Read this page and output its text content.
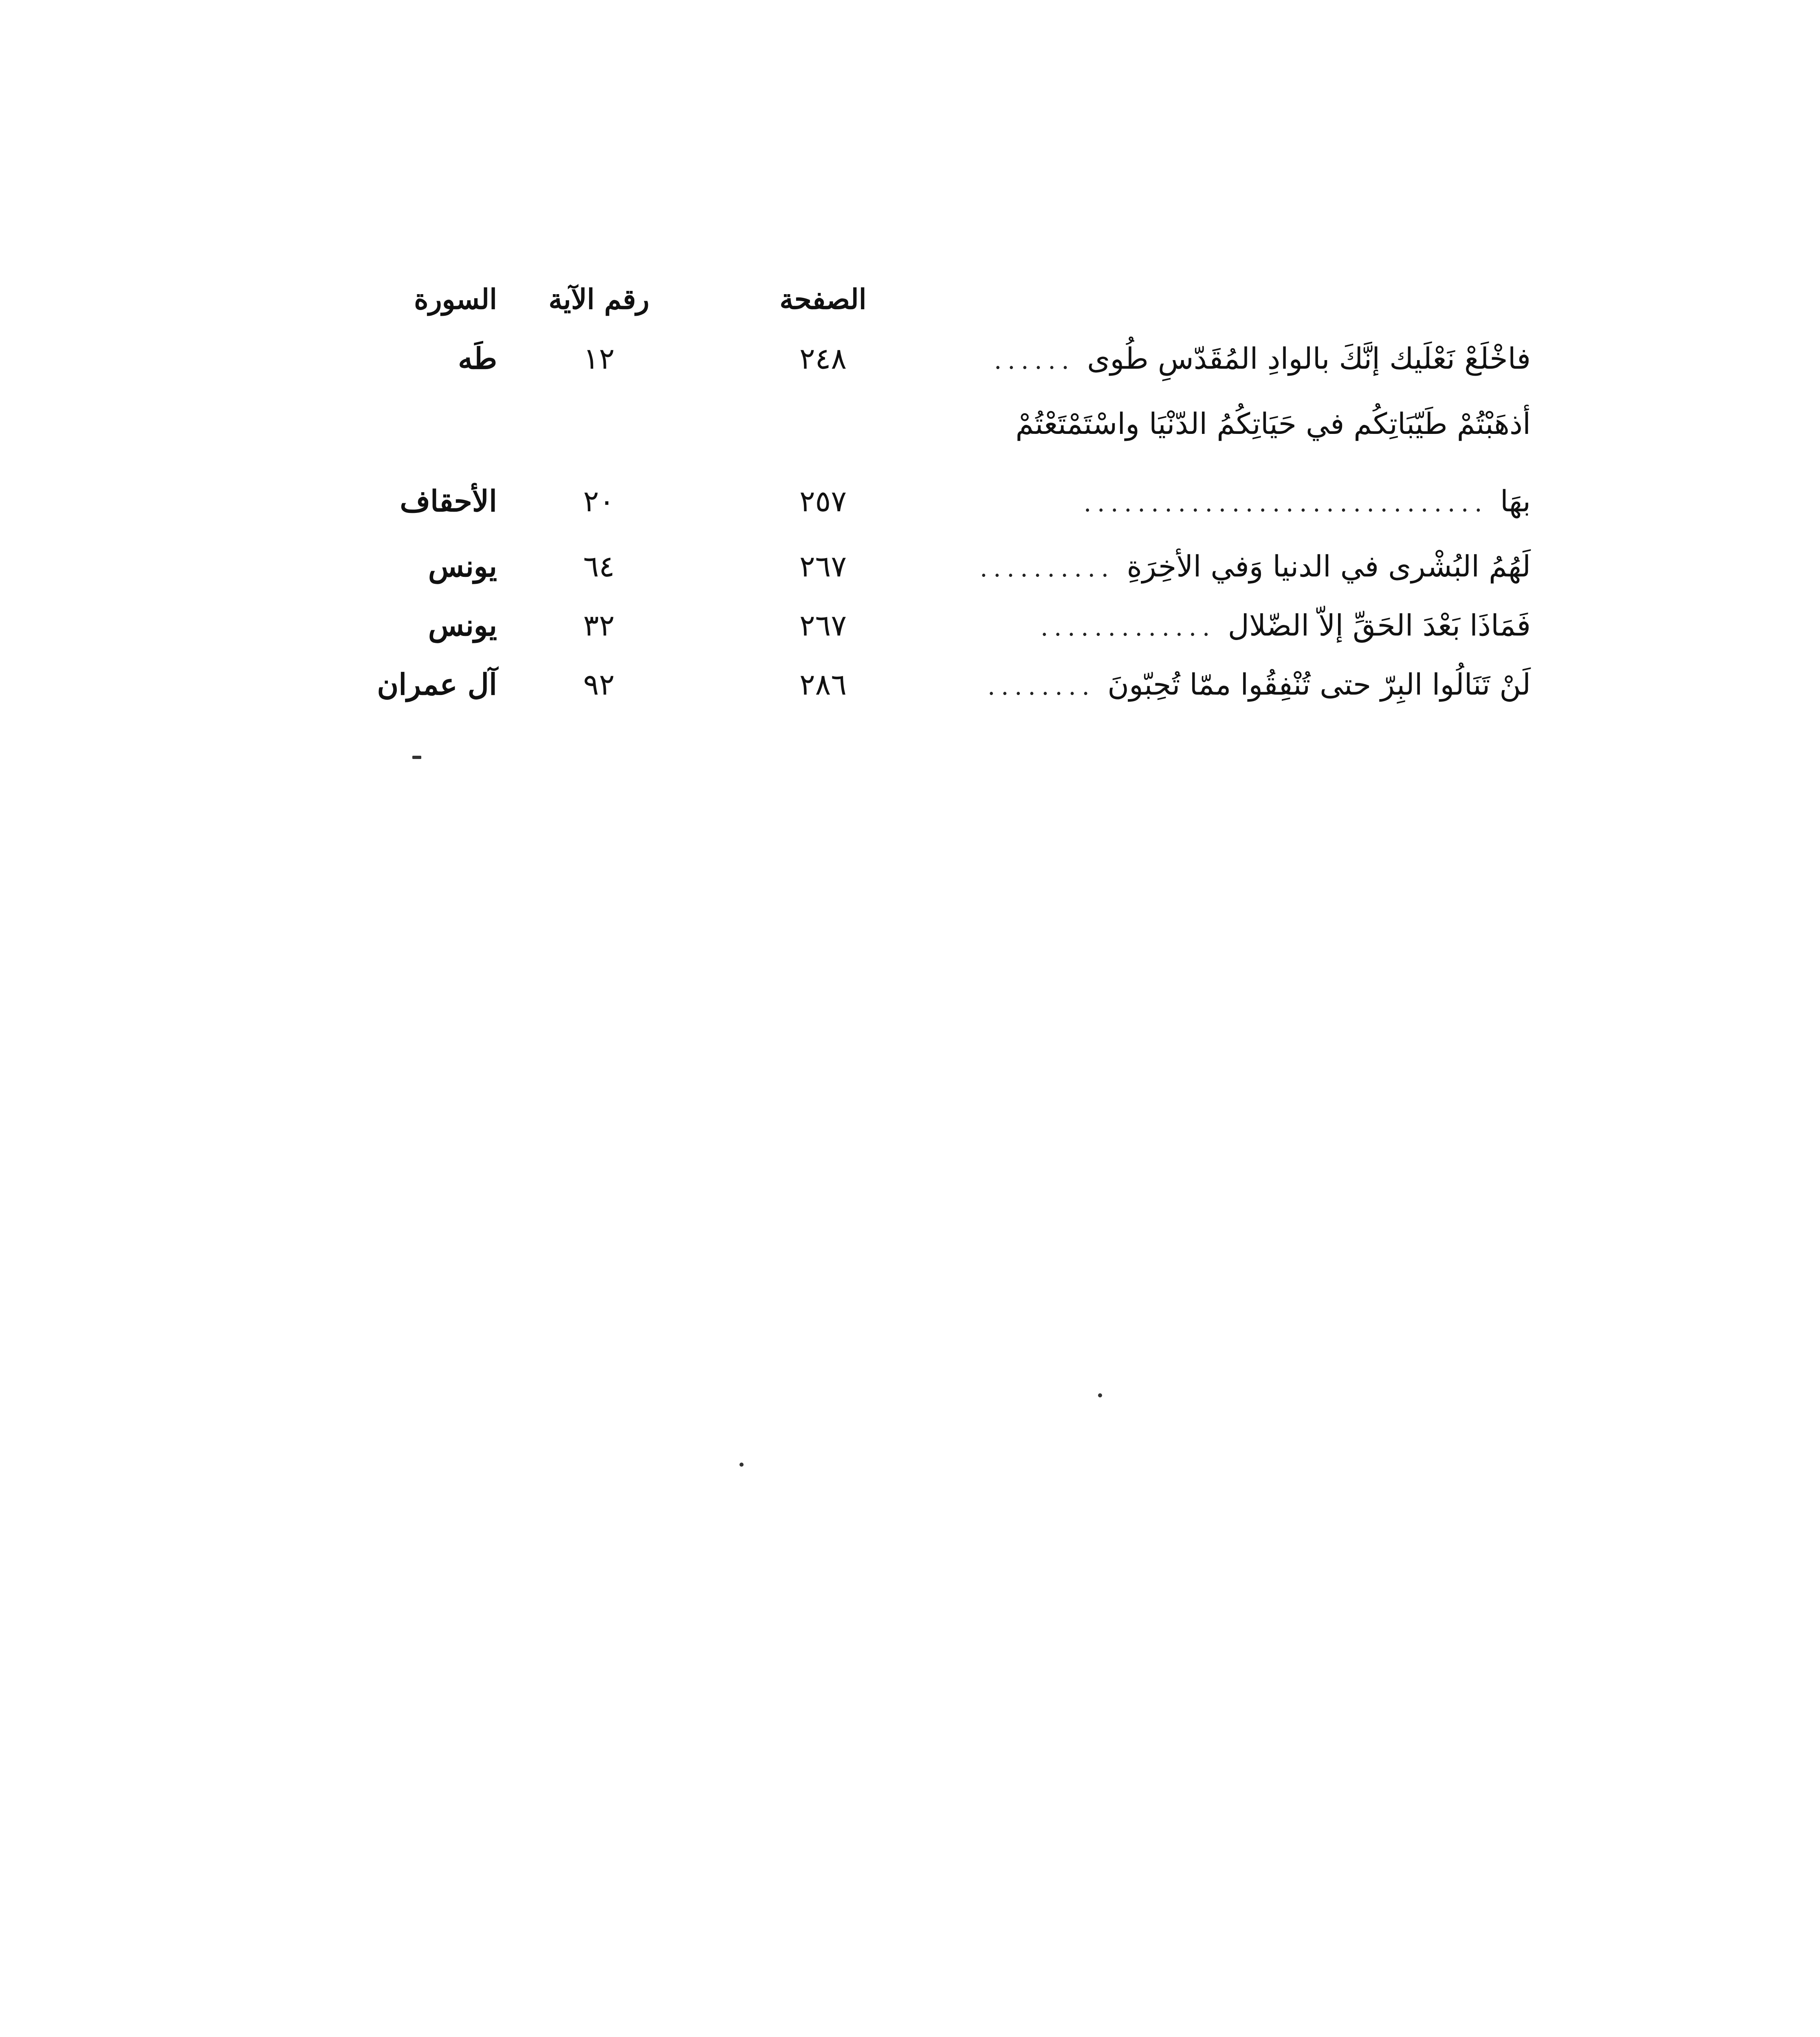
الصفحة
رقم الآية
السورة
فاخْلَعْ نَعْلَيك إنَّكَ بالوادِ المُقَدّسِ طُوى
......
٢٤٨
١٢
طَه
أذهَبْتُمْ طَيّبَاتِكُم في حَيَاتِكُمُ الدّنْيَا واسْتَمْتَعْتُمْ
بهَا
..............................
٢٥٧
٢٠
الأحقاف
لَهُمُ البُشْرى في الدنيا وَفي الأخِرَةِ
..........
٢٦٧
٦٤
يونس
فَمَاذَا بَعْدَ الحَقِّ إلاّ الضّلال
.............
٢٦٧
٣٢
يونس
لَنْ تَنَالُوا البِرّ حتى تُنْفِقُوا ممّا تُحِبّونَ
........
٢٨٦
٩٢
آل عمران
